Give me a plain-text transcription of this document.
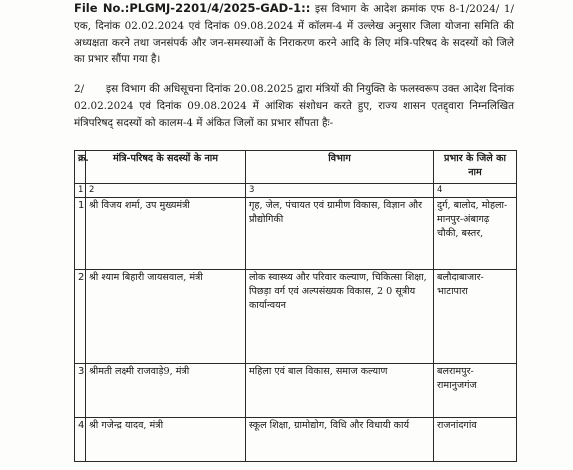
File No.:PLGMJ-2201/4/2025-GAD-1:: इस विभाग के आदेश क्रमांक एफ 8-1/2024/ 1/एक, दिनांक 02.02.2024 एवं दिनांक 09.08.2024 में कॉलम-4 में उल्लेख अनुसार जिला योजना समिति की अध्यक्षता करने तथा जनसंपर्क और जन-समस्याओं के निराकरण करने आदि के लिए मंत्रि-परिषद के सदस्यों को जिले का प्रभार सौंपा गया है।
2/ इस विभाग की अधिसूचना दिनांक 20.08.2025 द्वारा मंत्रियों की नियुक्ति के फलस्वरूप उक्त आदेश दिनांक 02.02.2024 एवं दिनांक 09.08.2024 में आंशिक संशोधन करते हुए, राज्य शासन एतद्द्वारा निम्नलिखित मंत्रिपरिषद् सदस्यों को कालम-4 में अंकित जिलों का प्रभार सौंपता हैः-
क्र.	मंत्रि-परिषद के सदस्यों के नाम	विभाग	प्रभार के जिले का नाम
1	2	3	4
1	श्री विजय शर्मा, उप मुख्यमंत्री	गृह, जेल, पंचायत एवं ग्रामीण विकास, विज्ञान और प्रौद्योगिकी	दुर्ग, बालोद, मोहला-मानपुर-अंबागढ़ चौकी, बस्तर,
2	श्री श्याम बिहारी जायसवाल, मंत्री	लोक स्वास्थ्य और परिवार कल्याण, चिकित्सा शिक्षा, पिछड़ा वर्ग एवं अल्पसंख्यक विकास, 2 0 सूत्रीय कार्यान्वयन	बलौदाबाजार-भाटापारा
3	श्रीमती लक्ष्मी राजवाड़े9, मंत्री	महिला एवं बाल विकास, समाज कल्याण	बलरामपुर-रामानुजगंज
4	श्री गजेन्द्र यादव, मंत्री	स्कूल शिक्षा, ग्रामोद्योग, विधि और विधायी कार्य	राजनांदगांव
